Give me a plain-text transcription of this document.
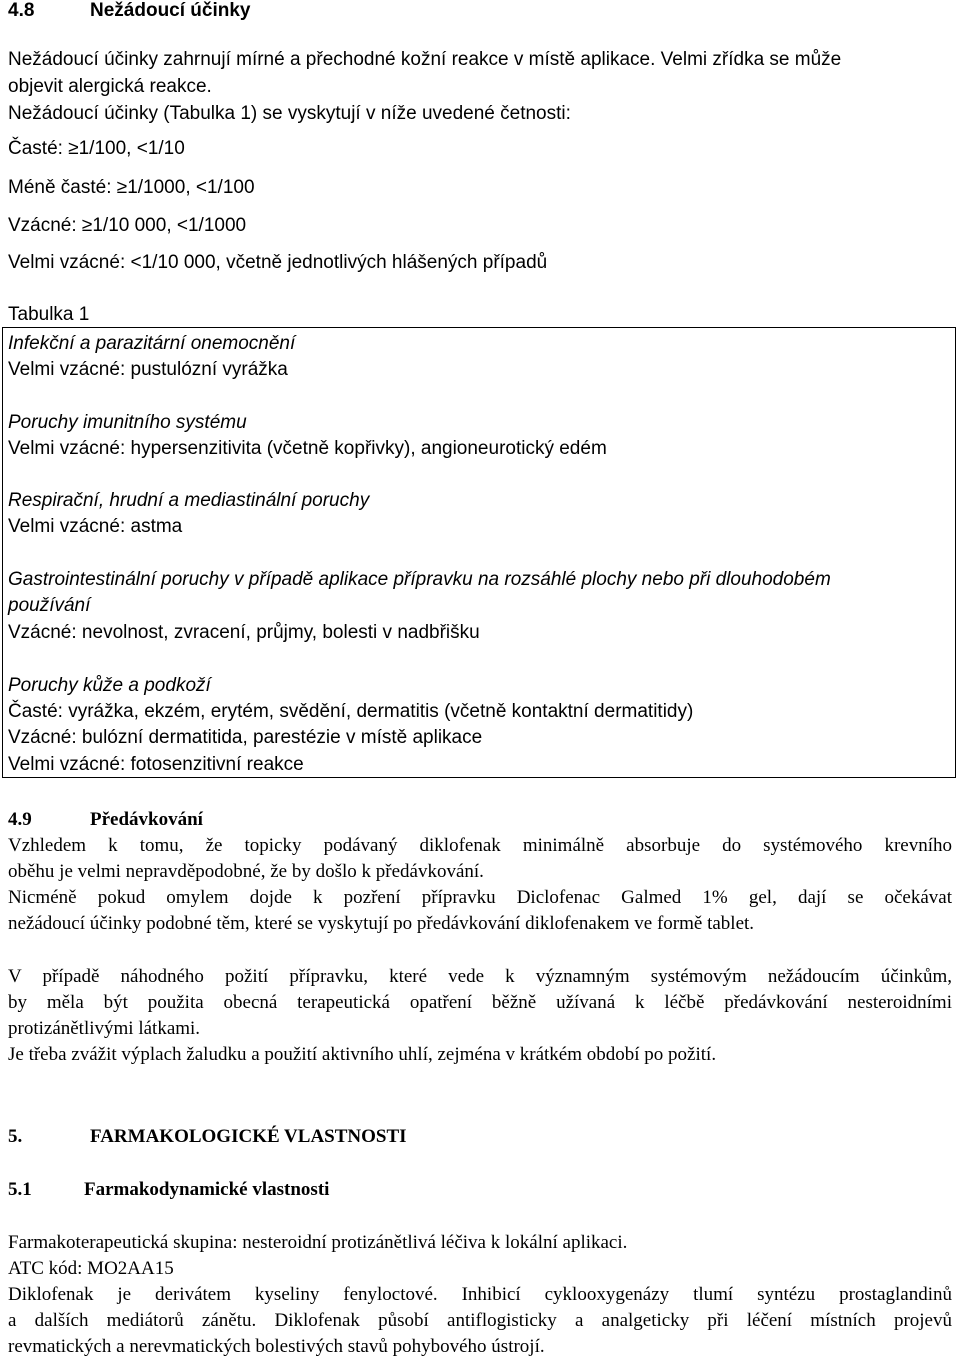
4.8	Nežádoucí účinky
Nežádoucí účinky zahrnují mírné a přechodné kožní reakce v místě aplikace. Velmi zřídka se může
objevit alergická reakce.
Nežádoucí účinky (Tabulka 1) se vyskytují v níže uvedené četnosti:
Časté: ≥1/100, <1/10
Méně časté: ≥1/1000, <1/100
Vzácné: ≥1/10 000, <1/1000
Velmi vzácné: <1/10 000, včetně jednotlivých hlášených případů
Tabulka 1
Infekční a parazitární onemocnění
Velmi vzácné: pustulózní vyrážka
Poruchy imunitního systému
Velmi vzácné: hypersenzitivita (včetně kopřivky), angioneurotický edém
Respirační, hrudní a mediastinální poruchy
Velmi vzácné: astma
Gastrointestinální poruchy v případě aplikace přípravku na rozsáhlé plochy nebo při dlouhodobém
používání
Vzácné: nevolnost, zvracení, průjmy, bolesti v nadbřišku
Poruchy kůže a podkoží
Časté: vyrážka, ekzém, erytém, svědění, dermatitis (včetně kontaktní dermatitidy)
Vzácné: bulózní dermatitida, parestézie v místě aplikace
Velmi vzácné: fotosenzitivní reakce
4.9	Předávkování
Vzhledem k tomu, že topicky podávaný diklofenak minimálně absorbuje do systémového krevního
oběhu je velmi nepravděpodobné, že by došlo k předávkování.
Nicméně pokud omylem dojde k pozření přípravku Diclofenac Galmed 1% gel, dají se očekávat
nežádoucí účinky podobné těm, které se vyskytují po předávkování diklofenakem ve formě tablet.
V případě náhodného požití přípravku, které vede k významným systémovým nežádoucím účinkům,
by měla být použita obecná terapeutická opatření běžně užívaná k léčbě předávkování nesteroidními
protizánětlivými látkami.
Je třeba zvážit výplach žaludku a použití aktivního uhlí, zejména v krátkém období po požití.
5.	FARMAKOLOGICKÉ VLASTNOSTI
5.1	Farmakodynamické vlastnosti
Farmakoterapeutická skupina: nesteroidní protizánětlivá léčiva k lokální aplikaci.
ATC kód: MO2AA15
Diklofenak je derivátem kyseliny fenyloctové. Inhibicí cyklooxygenázy tlumí syntézu prostaglandinů
a dalších mediátorů zánětu. Diklofenak působí antiflogisticky a analgeticky při léčení místních projevů
revmatických a nerevmatických bolestivých stavů pohybového ústrojí.
